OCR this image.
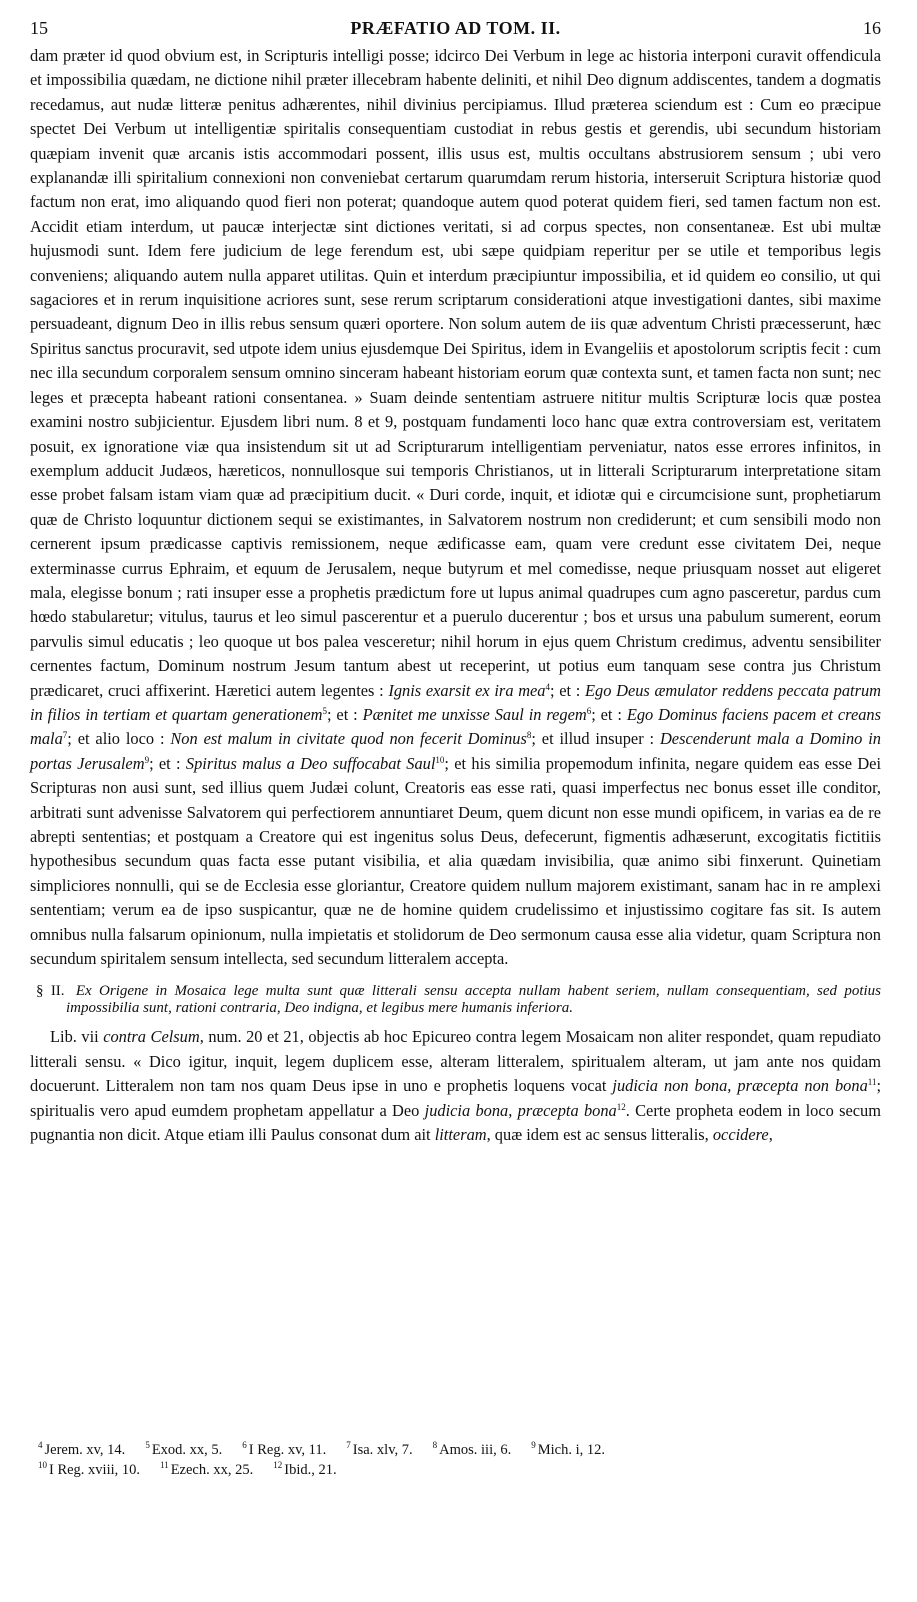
15	PRÆFATIO AD TOM. II.	16

dam præter id quod obvium est, in Scripturis intelligi posse; idcirco Dei Verbum in lege ac historia interponi curavit offendicula et impossibilia quædam, ne dictione nihil præter illecebram habente deliniti, et nihil Deo dignum addiscentes, tandem a dogmatis recedamus, aut nudæ litteræ penitus adhærentes, nihil divinius percipiamus. Illud præterea sciendum est : Cum eo præcipue spectet Dei Verbum ut intelligentiæ spiritalis consequentiam custodiat in rebus gestis et gerendis, ubi secundum historiam quæpiam invenit quæ arcanis istis accommodari possent, illis usus est, multis occultans abstrusiorem sensum ; ubi vero explanandæ illi spiritalium connexioni non conveniebat certarum quarumdam rerum historia, interseruit Scriptura historiæ quod factum non erat, imo aliquando quod fieri non poterat; quandoque autem quod poterat quidem fieri, sed tamen factum non est. Accidit etiam interdum, ut paucæ interjectæ sint dictiones veritati, si ad corpus spectes, non consentaneæ. Est ubi multæ hujusmodi sunt. Idem fere judicium de lege ferendum est, ubi sæpe quidpiam reperitur per se utile et temporibus legis conveniens; aliquando autem nulla apparet utilitas. Quin et interdum præcipiuntur impossibilia, et id quidem eo consilio, ut qui sagaciores et in rerum inquisitione acriores sunt, sese rerum scriptarum considerationi atque investigationi dantes, sibi maxime persuadeant, dignum Deo in illis rebus sensum quæri oportere. Non solum autem de iis quæ adventum Christi præcesserunt, hæc Spiritus sanctus procuravit, sed utpote idem unius ejusdemque Dei Spiritus, idem in Evangeliis et apostolorum scriptis fecit : cum nec illa secundum corporalem sensum omnino sinceram habeant historiam eorum quæ contexta sunt, et tamen facta non sunt; nec leges et præcepta habeant rationi consentanea. » Suam deinde sententiam astruere nititur multis Scripturæ locis quæ postea examini nostro subjicientur. Ejusdem libri num. 8 et 9, postquam fundamenti loco hanc quæ extra controversiam est, veritatem posuit, ex ignoratione viæ qua insistendum sit ut ad Scripturarum intelligentiam perveniatur, natos esse errores infinitos, in exemplum adducit Judæos, hæreticos, nonnullosque sui temporis Christianos, ut in litterali Scripturarum interpretatione sitam esse probet falsam istam viam quæ ad præcipitium ducit. « Duri corde, inquit, et idiotæ qui e circumcisione sunt, prophetiarum quæ de Christo loquuntur dictionem sequi se existimantes, in Salvatorem nostrum non crediderunt; et cum sensibili modo non cernerent ipsum prædicasse captivis remissionem, neque ædificasse eam, quam vere credunt esse civitatem Dei, neque exterminasse currus Ephraim, et equum de Jerusalem, neque butyrum et mel comedisse, neque priusquam nosset aut eligeret mala, elegisse bonum ; rati insuper esse a prophetis prædictum fore ut lupus animal quadrupes cum agno pasceretur, pardus cum hœdo stabularetur; vitulus, taurus et leo simul pascerentur et a puerulo ducerentur ; bos et ursus una pabulum sumerent, eorum parvulis simul educatis ; leo quoque ut bos palea vesceretur; nihil horum in ejus quem Christum credimus, adventu sensibiliter cernentes factum, Dominum nostrum Jesum tantum abest ut receperint, ut potius eum tanquam sese contra jus Christum prædicaret, cruci affixerint. Hæretici autem legentes : Ignis exarsit ex ira mea$^4$; et : Ego Deus æmulator reddens peccata patrum in filios in tertiam et quartam generationem$^5$; et : Pænitet me unxisse Saul in regem$^6$; et : Ego Dominus faciens pacem et creans mala$^7$; et alio loco : Non est malum in civitate quod non fecerit Dominus$^8$; et illud insuper : Descenderunt mala a Domino in portas Jerusalem$^9$; et : Spiritus malus a Deo suffocabat Saul$^{10}$; et his similia propemodum infinita, negare quidem eas esse Dei Scripturas non ausi sunt, sed illius quem Judæi colunt, Creatoris eas esse rati, quasi imperfectus nec bonus esset ille conditor, arbitrati sunt advenisse Salvatorem qui perfectiorem annuntiaret Deum, quem dicunt non esse mundi opificem, in varias ea de re abrepti sententias; et postquam a Creatore qui est ingenitus solus Deus, defecerunt, figmentis adhæserunt, excogitatis fictitiis hypothesibus secundum quas facta esse putant visibilia, et alia quædam invisibilia, quæ animo sibi finxerunt. Quinetiam simpliciores nonnulli, qui se de Ecclesia esse gloriantur, Creatore quidem nullum majorem existimant, sanam hac in re amplexi sententiam; verum ea de ipso suspicantur, quæ ne de homine quidem crudelissimo et injustissimo cogitare fas sit. Is autem omnibus nulla falsarum opinionum, nulla impietatis et stolidorum de Deo sermonum causa esse alia videtur, quam Scriptura non secundum spiritalem sensum intellecta, sed secundum litteralem accepta.

§ II. Ex Origene in Mosaica lege multa sunt quæ litterali sensu accepta nullam habent seriem, nullam consequentiam, sed potius impossibilia sunt, rationi contraria, Deo indigna, et legibus mere humanis inferiora.

Lib. vii contra Celsum, num. 20 et 21, objectis ab hoc Epicureo contra legem Mosaicam non aliter respondet, quam repudiato litterali sensu. « Dico igitur, inquit, legem duplicem esse, alteram litteralem, spiritualem alteram, ut jam ante nos quidam docuerunt. Litteralem non tam nos quam Deus ipse in uno e prophetis loquens vocat judicia non bona, præcepta non bona$^{11}$; spiritualis vero apud eumdem prophetam appellatur a Deo judicia bona, præcepta bona$^{12}$. Certe propheta eodem in loco secum pugnantia non dicit. Atque etiam illi Paulus consonat dum ait litteram, quæ idem est ac sensus litteralis, occidere,

$^4$ Jerem. xv, 14. $^5$ Exod. xx, 5. $^6$ I Reg. xv, 11. $^7$ Isa. xlv, 7. $^8$ Amos. iii, 6. $^9$ Mich. i, 12.
$^{10}$ I Reg. xviii, 10. $^{11}$ Ezech. xx, 25. $^{12}$ Ibid., 21.
